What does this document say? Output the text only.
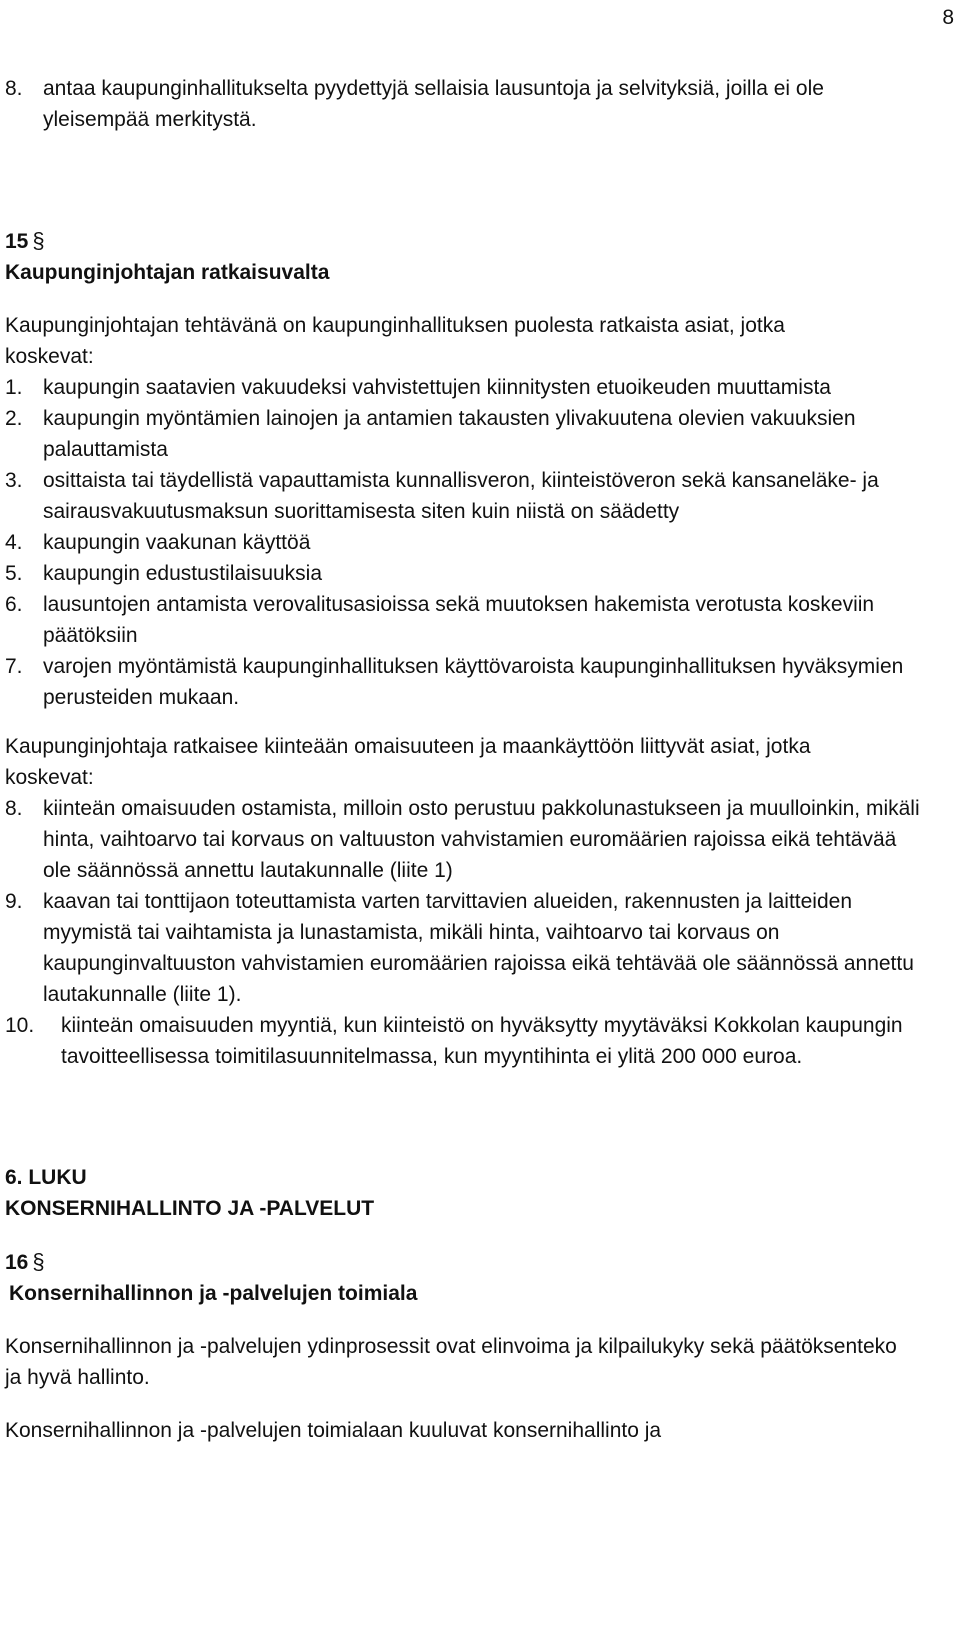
8
8. antaa kaupunginhallitukselta pyydettyjä sellaisia lausuntoja ja selvityksiä, joilla ei ole yleisempää merkitystä.
15 §
Kaupunginjohtajan ratkaisuvalta
Kaupunginjohtajan tehtävänä on kaupunginhallituksen puolesta ratkaista asiat, jotka koskevat:
1. kaupungin saatavien vakuudeksi vahvistettujen kiinnitysten etuoikeuden muuttamista
2. kaupungin myöntämien lainojen ja antamien takausten ylivakuutena olevien vakuuksien palauttamista
3. osittaista tai täydellistä vapauttamista kunnallisveron, kiinteistöveron sekä kansaneläke- ja sairausvakuutusmaksun suorittamisesta siten kuin niistä on säädetty
4. kaupungin vaakunan käyttöä
5. kaupungin edustustilaisuuksia
6. lausuntojen antamista verovalitusasioissa sekä muutoksen hakemista verotusta koskeviin päätöksiin
7. varojen myöntämistä kaupunginhallituksen käyttövaroista kaupunginhallituksen hyväksymien perusteiden mukaan.
Kaupunginjohtaja ratkaisee kiinteään omaisuuteen ja maankäyttöön liittyvät asiat, jotka koskevat:
8. kiinteän omaisuuden ostamista, milloin osto perustuu pakkolunastukseen ja muulloinkin, mikäli hinta, vaihtoarvo tai korvaus on valtuuston vahvistamien euromäärien rajoissa eikä tehtävää ole säännössä annettu lautakunnalle (liite 1)
9. kaavan tai tonttijaon toteuttamista varten tarvittavien alueiden, rakennusten ja laitteiden myymistä tai vaihtamista ja lunastamista, mikäli hinta, vaihtoarvo tai korvaus on kaupunginvaltuuston vahvistamien euromäärien rajoissa eikä tehtävää ole säännössä annettu lautakunnalle (liite 1).
10. kiinteän omaisuuden myyntiä, kun kiinteistö on hyväksytty myytäväksi Kokkolan kaupungin tavoitteellisessa toimitilasuunnitelmassa, kun myyntihinta ei ylitä 200 000 euroa.
6. LUKU
KONSERNIHALLINTO JA -PALVELUT
16 §
Konsernihallinnon ja -palvelujen toimiala
Konsernihallinnon ja -palvelujen ydinprosessit ovat elinvoima ja kilpailukyky sekä päätöksenteko ja hyvä hallinto.
Konsernihallinnon ja -palvelujen toimialaan kuuluvat konsernihallinto ja
